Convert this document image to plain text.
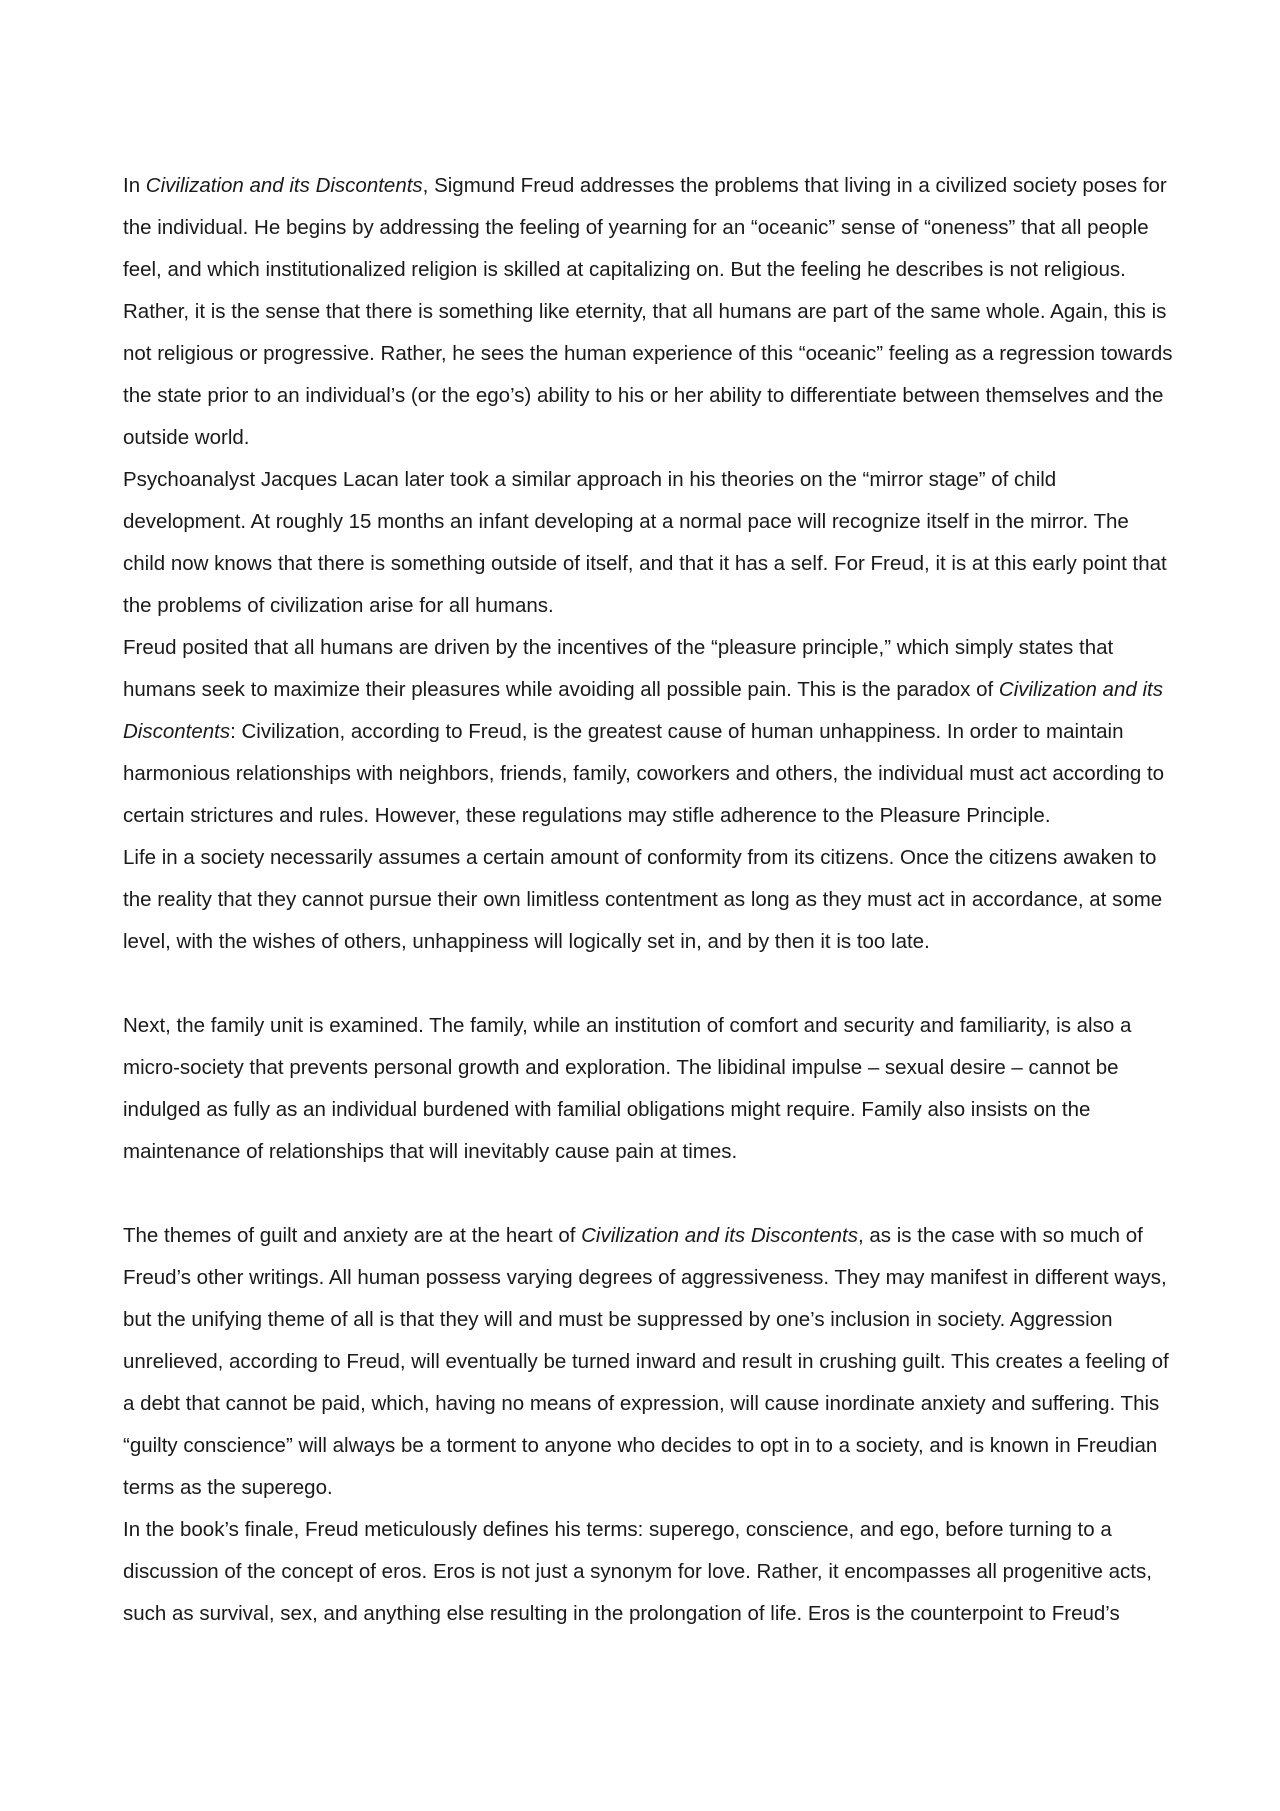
In Civilization and its Discontents, Sigmund Freud addresses the problems that living in a civilized society poses for the individual. He begins by addressing the feeling of yearning for an “oceanic” sense of “oneness” that all people feel, and which institutionalized religion is skilled at capitalizing on. But the feeling he describes is not religious. Rather, it is the sense that there is something like eternity, that all humans are part of the same whole. Again, this is not religious or progressive. Rather, he sees the human experience of this “oceanic” feeling as a regression towards the state prior to an individual’s (or the ego’s) ability to his or her ability to differentiate between themselves and the outside world.

Psychoanalyst Jacques Lacan later took a similar approach in his theories on the “mirror stage” of child development. At roughly 15 months an infant developing at a normal pace will recognize itself in the mirror. The child now knows that there is something outside of itself, and that it has a self. For Freud, it is at this early point that the problems of civilization arise for all humans.

Freud posited that all humans are driven by the incentives of the “pleasure principle,” which simply states that humans seek to maximize their pleasures while avoiding all possible pain. This is the paradox of Civilization and its Discontents: Civilization, according to Freud, is the greatest cause of human unhappiness. In order to maintain harmonious relationships with neighbors, friends, family, coworkers and others, the individual must act according to certain strictures and rules. However, these regulations may stifle adherence to the Pleasure Principle.

Life in a society necessarily assumes a certain amount of conformity from its citizens. Once the citizens awaken to the reality that they cannot pursue their own limitless contentment as long as they must act in accordance, at some level, with the wishes of others, unhappiness will logically set in, and by then it is too late.

Next, the family unit is examined. The family, while an institution of comfort and security and familiarity, is also a micro-society that prevents personal growth and exploration. The libidinal impulse – sexual desire – cannot be indulged as fully as an individual burdened with familial obligations might require. Family also insists on the maintenance of relationships that will inevitably cause pain at times.

The themes of guilt and anxiety are at the heart of Civilization and its Discontents, as is the case with so much of Freud’s other writings. All human possess varying degrees of aggressiveness. They may manifest in different ways, but the unifying theme of all is that they will and must be suppressed by one’s inclusion in society. Aggression unrelieved, according to Freud, will eventually be turned inward and result in crushing guilt. This creates a feeling of a debt that cannot be paid, which, having no means of expression, will cause inordinate anxiety and suffering. This “guilty conscience” will always be a torment to anyone who decides to opt in to a society, and is known in Freudian terms as the superego.

In the book’s finale, Freud meticulously defines his terms: superego, conscience, and ego, before turning to a discussion of the concept of eros. Eros is not just a synonym for love. Rather, it encompasses all progenitive acts, such as survival, sex, and anything else resulting in the prolongation of life. Eros is the counterpoint to Freud’s
